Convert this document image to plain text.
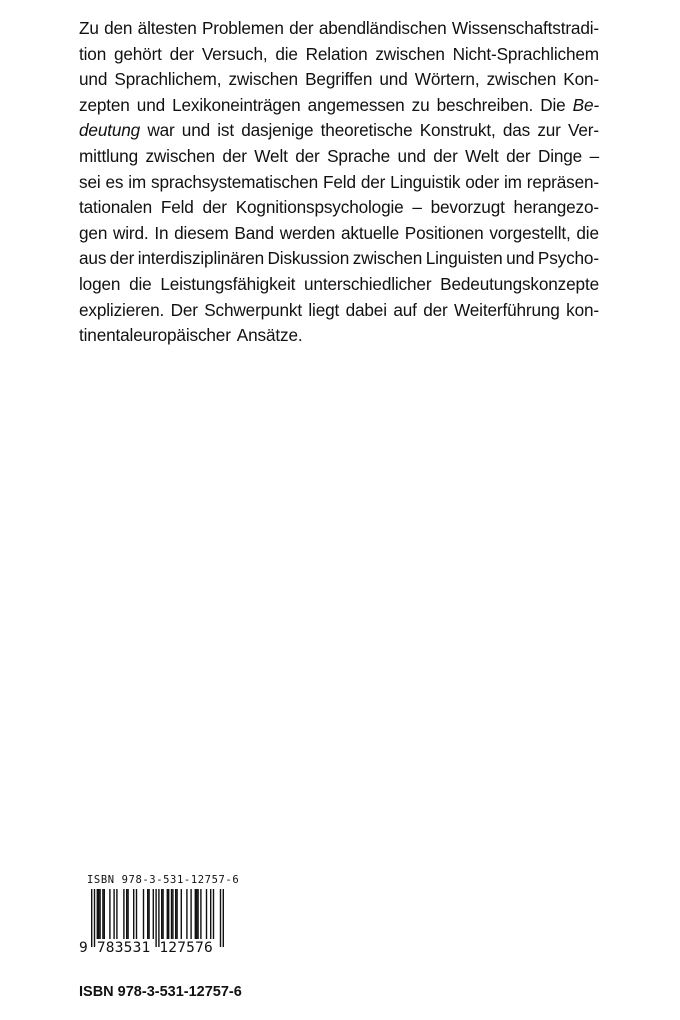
Zu den ältesten Problemen der abendländischen Wissenschaftstradi-
tion gehört der Versuch, die Relation zwischen Nicht-Sprachlichem
und Sprachlichem, zwischen Begriffen und Wörtern, zwischen Kon-
zepten und Lexikoneinträgen angemessen zu beschreiben. Die Be-
deutung war und ist dasjenige theoretische Konstrukt, das zur Ver-
mittlung zwischen der Welt der Sprache und der Welt der Dinge –
sei es im sprachsystematischen Feld der Linguistik oder im repräsen-
tationalen Feld der Kognitionspsychologie – bevorzugt herangezo-
gen wird. In diesem Band werden aktuelle Positionen vorgestellt, die
aus der interdisziplinären Diskussion zwischen Linguisten und Psycho-
logen die Leistungsfähigkeit unterschiedlicher Bedeutungskonzepte
explizieren. Der Schwerpunkt liegt dabei auf der Weiterführung kon-
tinentaleuropäischer Ansätze.
ISBN 978-3-531-12757-6
9 783531 127576
ISBN 978-3-531-12757-6
